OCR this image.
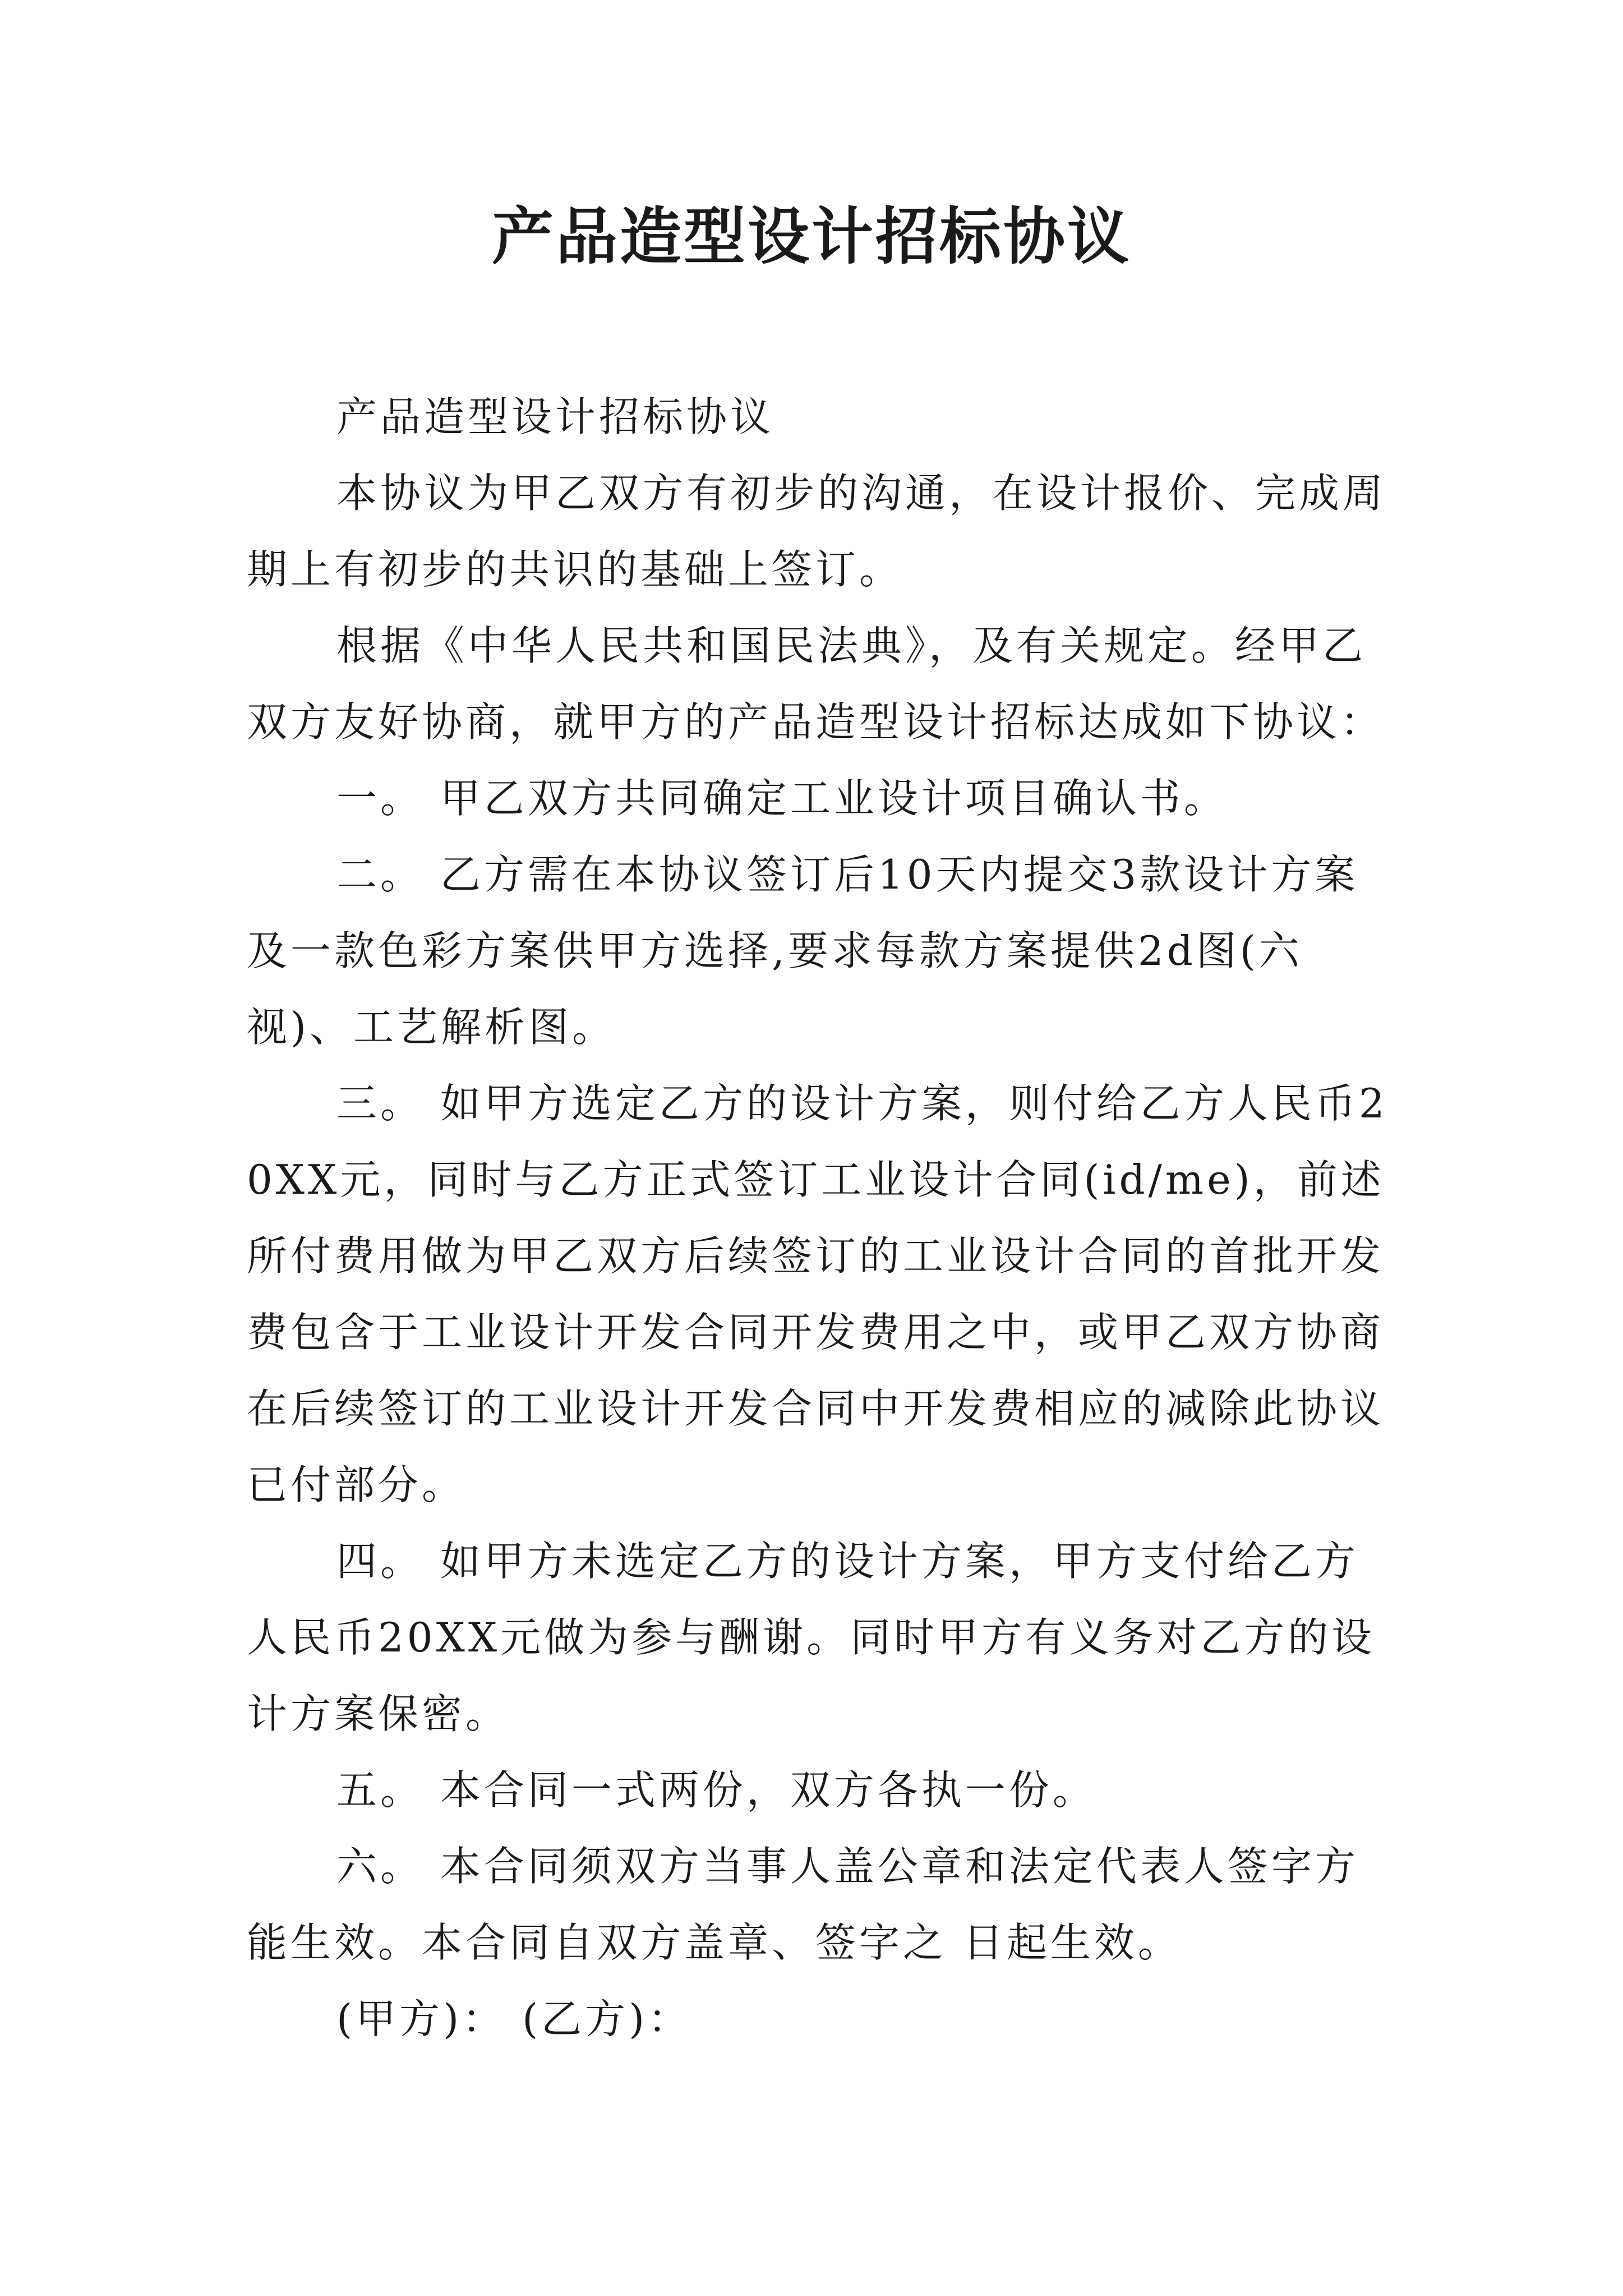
产品造型设计招标协议

产品造型设计招标协议

本协议为甲乙双方有初步的沟通，在设计报价、完成周期上有初步的共识的基础上签订。

根据《中华人民共和国民法典》，及有关规定。经甲乙双方友好协商，就甲方的产品造型设计招标达成如下协议：

一。 甲乙双方共同确定工业设计项目确认书。

二。 乙方需在本协议签订后10天内提交3款设计方案及一款色彩方案供甲方选择,要求每款方案提供2d图(六视)、工艺解析图。

三。 如甲方选定乙方的设计方案，则付给乙方人民币20XX元，同时与乙方正式签订工业设计合同(id/me)，前述所付费用做为甲乙双方后续签订的工业设计合同的首批开发费包含于工业设计开发合同开发费用之中，或甲乙双方协商在后续签订的工业设计开发合同中开发费相应的减除此协议已付部分。

四。 如甲方未选定乙方的设计方案，甲方支付给乙方人民币20XX元做为参与酬谢。同时甲方有义务对乙方的设计方案保密。

五。 本合同一式两份，双方各执一份。

六。 本合同须双方当事人盖公章和法定代表人签字方能生效。本合同自双方盖章、签字之 日起生效。

(甲方)： (乙方)：
